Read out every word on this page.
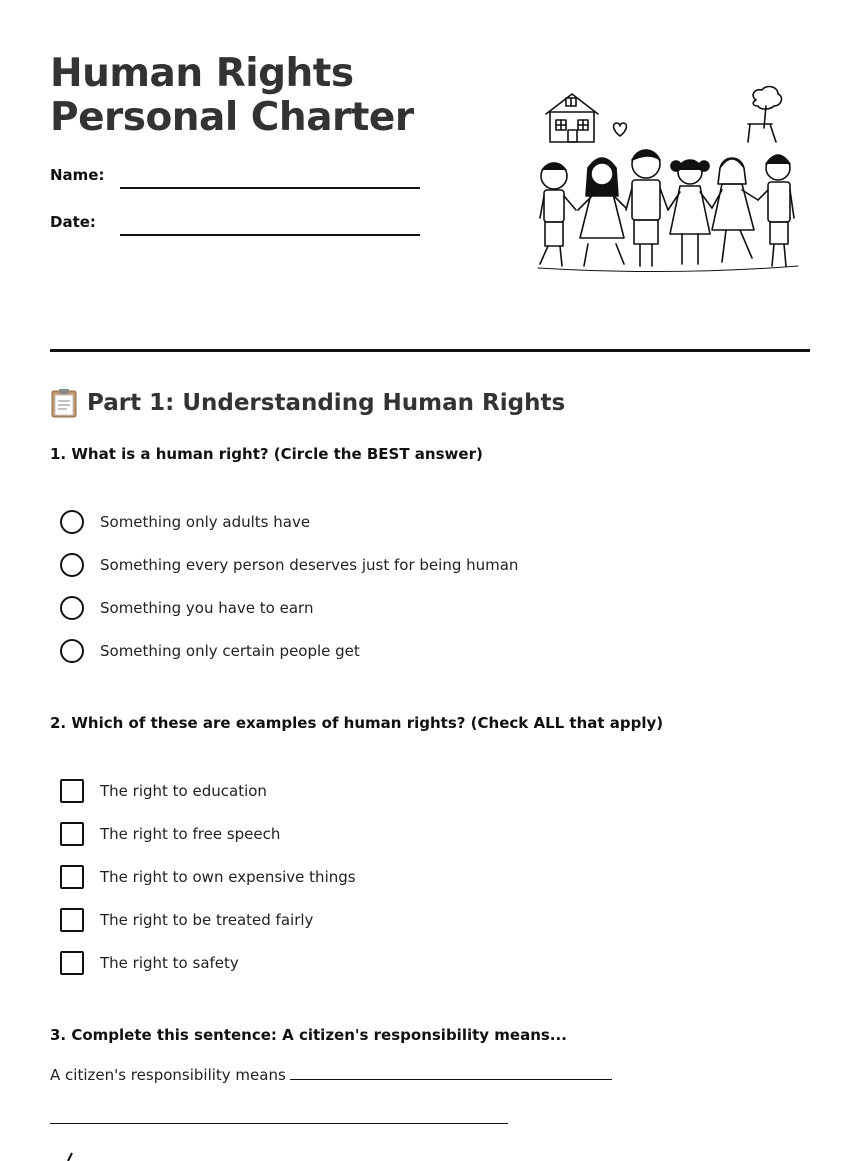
Human Rights Personal Charter
Name:
Date:
Part 1: Understanding Human Rights
1. What is a human right? (Circle the BEST answer)
Something only adults have
Something every person deserves just for being human
Something you have to earn
Something only certain people get
2. Which of these are examples of human rights? (Check ALL that apply)
The right to education
The right to free speech
The right to own expensive things
The right to be treated fairly
The right to safety
3. Complete this sentence: A citizen's responsibility means...
A citizen's responsibility means
